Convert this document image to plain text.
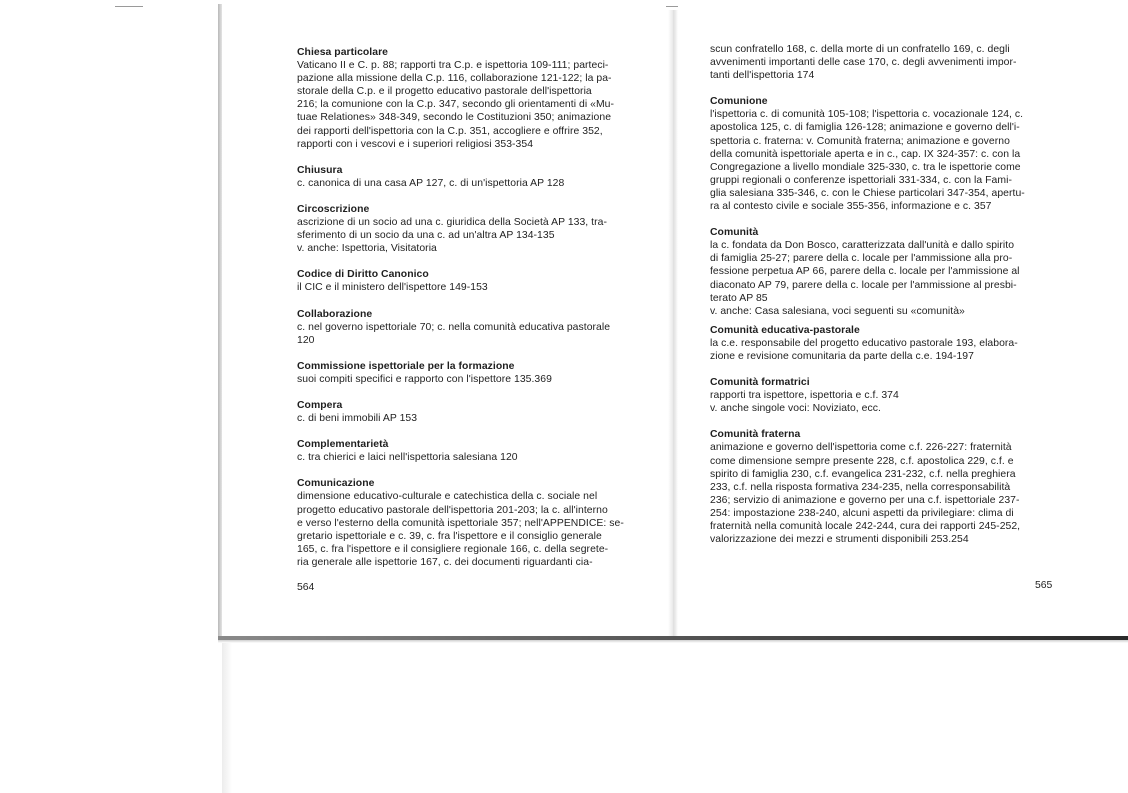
Chiesa particolare
Vaticano II e C. p. 88; rapporti tra C.p. e ispettoria 109-111; parteci-
pazione alla missione della C.p. 116, collaborazione 121-122; la pa-
storale della C.p. e il progetto educativo pastorale dell'ispettoria
216; la comunione con la C.p. 347, secondo gli orientamenti di «Mu-
tuae Relationes» 348-349, secondo le Costituzioni 350; animazione
dei rapporti dell'ispettoria con la C.p. 351, accogliere e offrire 352,
rapporti con i vescovi e i superiori religiosi 353-354
Chiusura
c. canonica di una casa AP 127, c. di un'ispettoria AP 128
Circoscrizione
ascrizione di un socio ad una c. giuridica della Società AP 133, tra-
sferimento di un socio da una c. ad un'altra AP 134-135
v. anche: Ispettoria, Visitatoria
Codice di Diritto Canonico
il CIC e il ministero dell'ispettore 149-153
Collaborazione
c. nel governo ispettoriale 70; c. nella comunità educativa pastorale
120
Commissione ispettoriale per la formazione
suoi compiti specifici e rapporto con l'ispettore 135.369
Compera
c. di beni immobili AP 153
Complementarietà
c. tra chierici e laici nell'ispettoria salesiana 120
Comunicazione
dimensione educativo-culturale e catechistica della c. sociale nel
progetto educativo pastorale dell'ispettoria 201-203; la c. all'interno
e verso l'esterno della comunità ispettoriale 357; nell'APPENDICE: se-
gretario ispettoriale e c. 39, c. fra l'ispettore e il consiglio generale
165, c. fra l'ispettore e il consigliere regionale 166, c. della segrete-
ria generale alle ispettorie 167, c. dei documenti riguardanti cia-
564
scun confratello 168, c. della morte di un confratello 169, c. degli
avvenimenti importanti delle case 170, c. degli avvenimenti impor-
tanti dell'ispettoria 174
Comunione
l'ispettoria c. di comunità 105-108; l'ispettoria c. vocazionale 124, c.
apostolica 125, c. di famiglia 126-128; animazione e governo dell'i-
spettoria c. fraterna: v. Comunità fraterna; animazione e governo
della comunità ispettoriale aperta e in c., cap. IX 324-357: c. con la
Congregazione a livello mondiale 325-330, c. tra le ispettorie come
gruppi regionali o conferenze ispettoriali 331-334, c. con la Fami-
glia salesiana 335-346, c. con le Chiese particolari 347-354, apertu-
ra al contesto civile e sociale 355-356, informazione e c. 357
Comunità
la c. fondata da Don Bosco, caratterizzata dall'unità e dallo spirito
di famiglia 25-27; parere della c. locale per l'ammissione alla pro-
fessione perpetua AP 66, parere della c. locale per l'ammissione al
diaconato AP 79, parere della c. locale per l'ammissione al presbi-
terato AP 85
v. anche: Casa salesiana, voci seguenti su «comunità»
Comunità educativa-pastorale
la c.e. responsabile del progetto educativo pastorale 193, elabora-
zione e revisione comunitaria da parte della c.e. 194-197
Comunità formatrici
rapporti tra ispettore, ispettoria e c.f. 374
v. anche singole voci: Noviziato, ecc.
Comunità fraterna
animazione e governo dell'ispettoria come c.f. 226-227: fraternità
come dimensione sempre presente 228, c.f. apostolica 229, c.f. e
spirito di famiglia 230, c.f. evangelica 231-232, c.f. nella preghiera
233, c.f. nella risposta formativa 234-235, nella corresponsabilità
236; servizio di animazione e governo per una c.f. ispettoriale 237-
254: impostazione 238-240, alcuni aspetti da privilegiare: clima di
fraternità nella comunità locale 242-244, cura dei rapporti 245-252,
valorizzazione dei mezzi e strumenti disponibili 253.254
565
